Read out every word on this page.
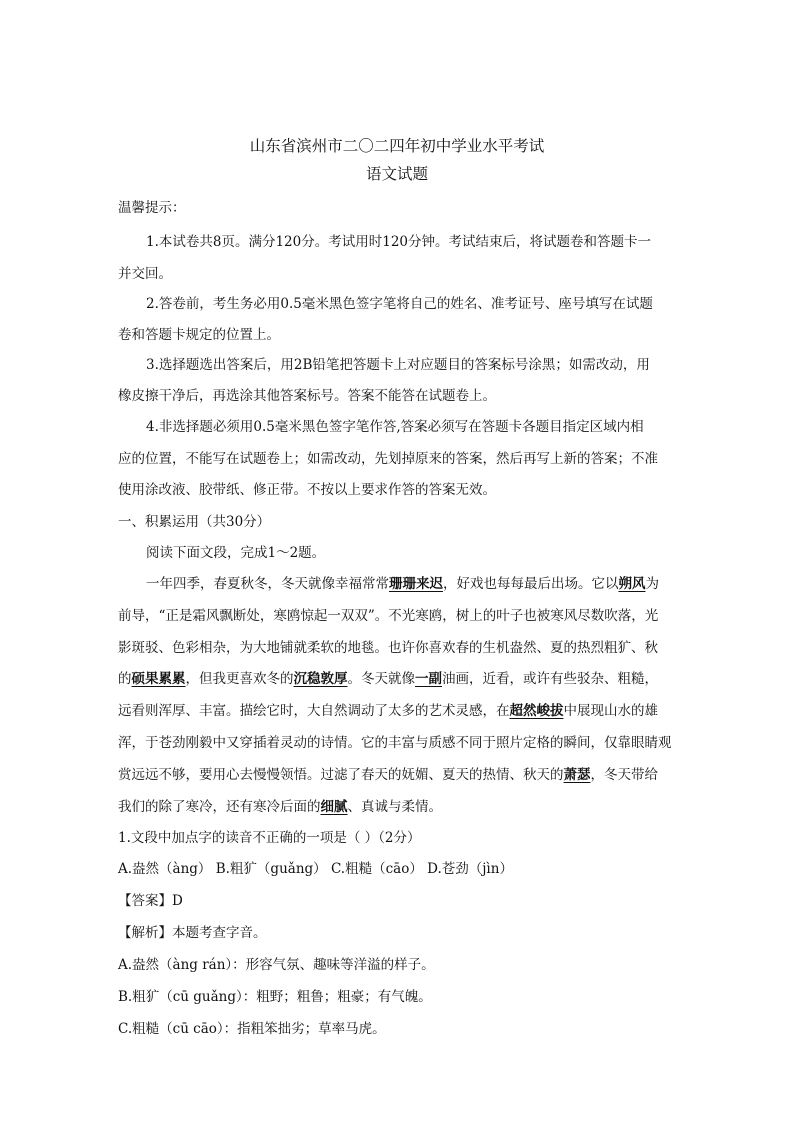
山东省滨州市二〇二四年初中学业水平考试
语文试题
温馨提示：
1.本试卷共8页。满分120分。考试用时120分钟。考试结束后，将试题卷和答题卡一
并交回。
2.答卷前，考生务必用0.5毫米黑色签字笔将自己的姓名、准考证号、座号填写在试题
卷和答题卡规定的位置上。
3.选择题选出答案后，用2B铅笔把答题卡上对应题目的答案标号涂黑；如需改动，用
橡皮擦干净后，再选涂其他答案标号。答案不能答在试题卷上。
4.非选择题必须用0.5毫米黑色签字笔作答,答案必须写在答题卡各题目指定区域内相
应的位置，不能写在试题卷上；如需改动，先划掉原来的答案，然后再写上新的答案；不准
使用涂改液、胶带纸、修正带。不按以上要求作答的答案无效。
一、积累运用（共30分）
阅读下面文段，完成1～2题。
一年四季，春夏秋冬，冬天就像幸福常常珊珊来迟，好戏也每每最后出场。它以朔风为
前导，“正是霜风飘断处，寒鸥惊起一双双”。不光寒鸥，树上的叶子也被寒风尽数吹落，光
影斑驳、色彩相杂，为大地铺就柔软的地毯。也许你喜欢春的生机盎然、夏的热烈粗犷、秋
的硕果累累，但我更喜欢冬的沉稳敦厚。冬天就像一副油画，近看，或许有些驳杂、粗糙，
远看则浑厚、丰富。描绘它时，大自然调动了太多的艺术灵感，在超然峻拔中展现山水的雄
浑，于苍劲刚毅中又穿插着灵动的诗情。它的丰富与质感不同于照片定格的瞬间，仅靠眼睛观
赏远远不够，要用心去慢慢领悟。过滤了春天的妩媚、夏天的热情、秋天的萧瑟，冬天带给
我们的除了寒冷，还有寒冷后面的细腻、真诚与柔情。
1.文段中加点字的读音不正确的一项是（ ）（2分）
A.盎然（àng） B.粗犷（guǎng） C.粗糙（cāo） D.苍劲（jìn）
【答案】D
【解析】本题考查字音。
A.盎然（àng rán）：形容气氛、趣味等洋溢的样子。
B.粗犷（cū guǎng）：粗野；粗鲁；粗豪；有气魄。
C.粗糙（cū cāo）：指粗笨拙劣；草率马虎。
